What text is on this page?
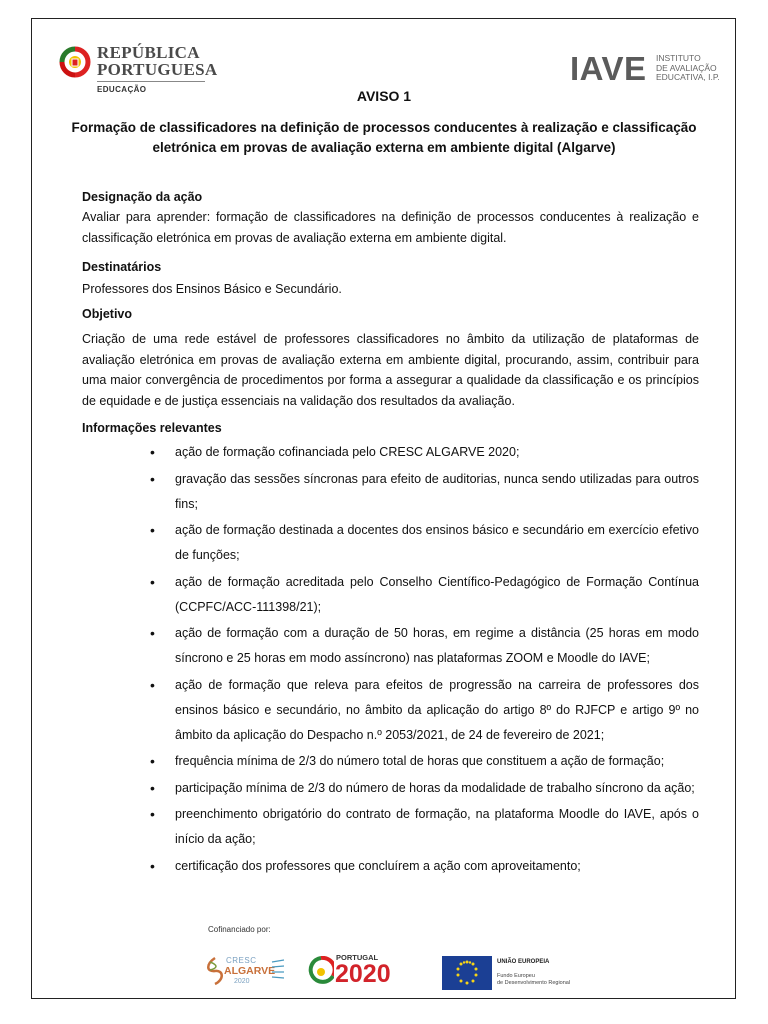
REPÚBLICA
PORTUGUESA
EDUCAÇÃO
IAVE INSTITUTO
DE AVALIAÇÃO
EDUCATIVA, I.P.
AVISO 1
Formação de classificadores na definição de processos conducentes à realização e classificação eletrónica em provas de avaliação externa em ambiente digital (Algarve)
Designação da ação
Avaliar para aprender: formação de classificadores na definição de processos conducentes à realização e classificação eletrónica em provas de avaliação externa em ambiente digital.
Destinatários
Professores dos Ensinos Básico e Secundário.
Objetivo
Criação de uma rede estável de professores classificadores no âmbito da utilização de plataformas de avaliação eletrónica em provas de avaliação externa em ambiente digital, procurando, assim, contribuir para uma maior convergência de procedimentos por forma a assegurar a qualidade da classificação e os princípios de equidade e de justiça essenciais na validação dos resultados da avaliação.
Informações relevantes
• ação de formação cofinanciada pelo CRESC ALGARVE 2020;
• gravação das sessões síncronas para efeito de auditorias, nunca sendo utilizadas para outros fins;
• ação de formação destinada a docentes dos ensinos básico e secundário em exercício efetivo de funções;
• ação de formação acreditada pelo Conselho Científico-Pedagógico de Formação Contínua (CCPFC/ACC-111398/21);
• ação de formação com a duração de 50 horas, em regime a distância (25 horas em modo síncrono e 25 horas em modo assíncrono) nas plataformas ZOOM e Moodle do IAVE;
• ação de formação que releva para efeitos de progressão na carreira de professores dos ensinos básico e secundário, no âmbito da aplicação do artigo 8º do RJFCP e artigo 9º no âmbito da aplicação do Despacho n.º 2053/2021, de 24 de fevereiro de 2021;
• frequência mínima de 2/3 do número total de horas que constituem a ação de formação;
• participação mínima de 2/3 do número de horas da modalidade de trabalho síncrono da ação;
• preenchimento obrigatório do contrato de formação, na plataforma Moodle do IAVE, após o início da ação;
• certificação dos professores que concluírem a ação com aproveitamento;
Cofinanciado por:
CRESC
ALGARVE
2020
PORTUGAL
2020	UNIÃO EUROPEIA
Fundo Europeu
de Desenvolvimento Regional
